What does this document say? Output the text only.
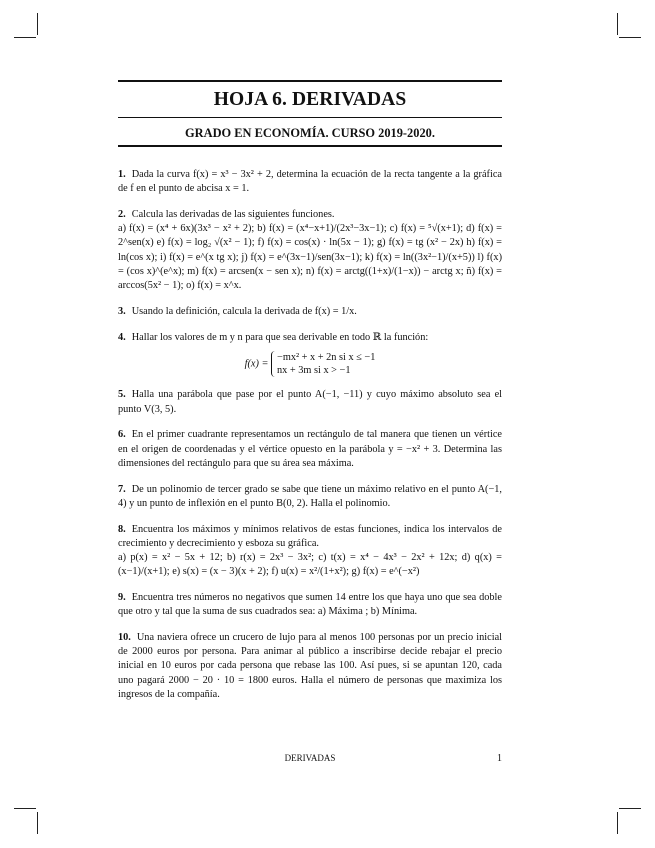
HOJA 6. DERIVADAS
GRADO EN ECONOMÍA. CURSO 2019-2020.
1. Dada la curva f(x) = x³ − 3x² + 2, determina la ecuación de la recta tangente a la gráfica de f en el punto de abcisa x = 1.
2. Calcula las derivadas de las siguientes funciones.
a) f(x) = (x⁴ + 6x)(3x³ − x² + 2); b) f(x) = (x⁴−x+1)/(2x³−3x−1); c) f(x) = ⁵√(x+1); d) f(x) = 2^sen(x) e) f(x) = log₂ √(x² − 1); f) f(x) = cos(x) · ln(5x − 1); g) f(x) = tg (x² − 2x) h) f(x) = ln(cos x); i) f(x) = e^(x tg x); j) f(x) = e^(3x−1)/sen(3x−1); k) f(x) = ln((3x²−1)/(x+5)) l) f(x) = (cos x)^(e^x); m) f(x) = arcsen(x − sen x); n) f(x) = arctg((1+x)/(1−x)) − arctg x; ñ) f(x) = arccos(5x² − 1); o) f(x) = x^x.
3. Usando la definición, calcula la derivada de f(x) = 1/x.
4. Hallar los valores de m y n para que sea derivable en todo ℝ la función:
f(x) =
−mx² + x + 2n si x ≤ −1
nx + 3m si x > −1
5. Halla una parábola que pase por el punto A(−1, −11) y cuyo máximo absoluto sea el punto V(3, 5).
6. En el primer cuadrante representamos un rectángulo de tal manera que tienen un vértice en el origen de coordenadas y el vértice opuesto en la parábola y = −x² + 3. Determina las dimensiones del rectángulo para que su área sea máxima.
7. De un polinomio de tercer grado se sabe que tiene un máximo relativo en el punto A(−1, 4) y un punto de inflexión en el punto B(0, 2). Halla el polinomio.
8. Encuentra los máximos y mínimos relativos de estas funciones, indica los intervalos de crecimiento y decrecimiento y esboza su gráfica.
a) p(x) = x² − 5x + 12; b) r(x) = 2x³ − 3x²; c) t(x) = x⁴ − 4x³ − 2x² + 12x; d) q(x) = (x−1)/(x+1); e) s(x) = (x − 3)(x + 2); f) u(x) = x²/(1+x²); g) f(x) = e^(−x²)
9. Encuentra tres números no negativos que sumen 14 entre los que haya uno que sea doble que otro y tal que la suma de sus cuadrados sea: a) Máxima ; b) Mínima.
10. Una naviera ofrece un crucero de lujo para al menos 100 personas por un precio inicial de 2000 euros por persona. Para animar al público a inscribirse decide rebajar el precio inicial en 10 euros por cada persona que rebase las 100. Así pues, si se apuntan 120, cada uno pagará 2000 − 20 · 10 = 1800 euros. Halla el número de personas que maximiza los ingresos de la compañía.
DERIVADAS	1
